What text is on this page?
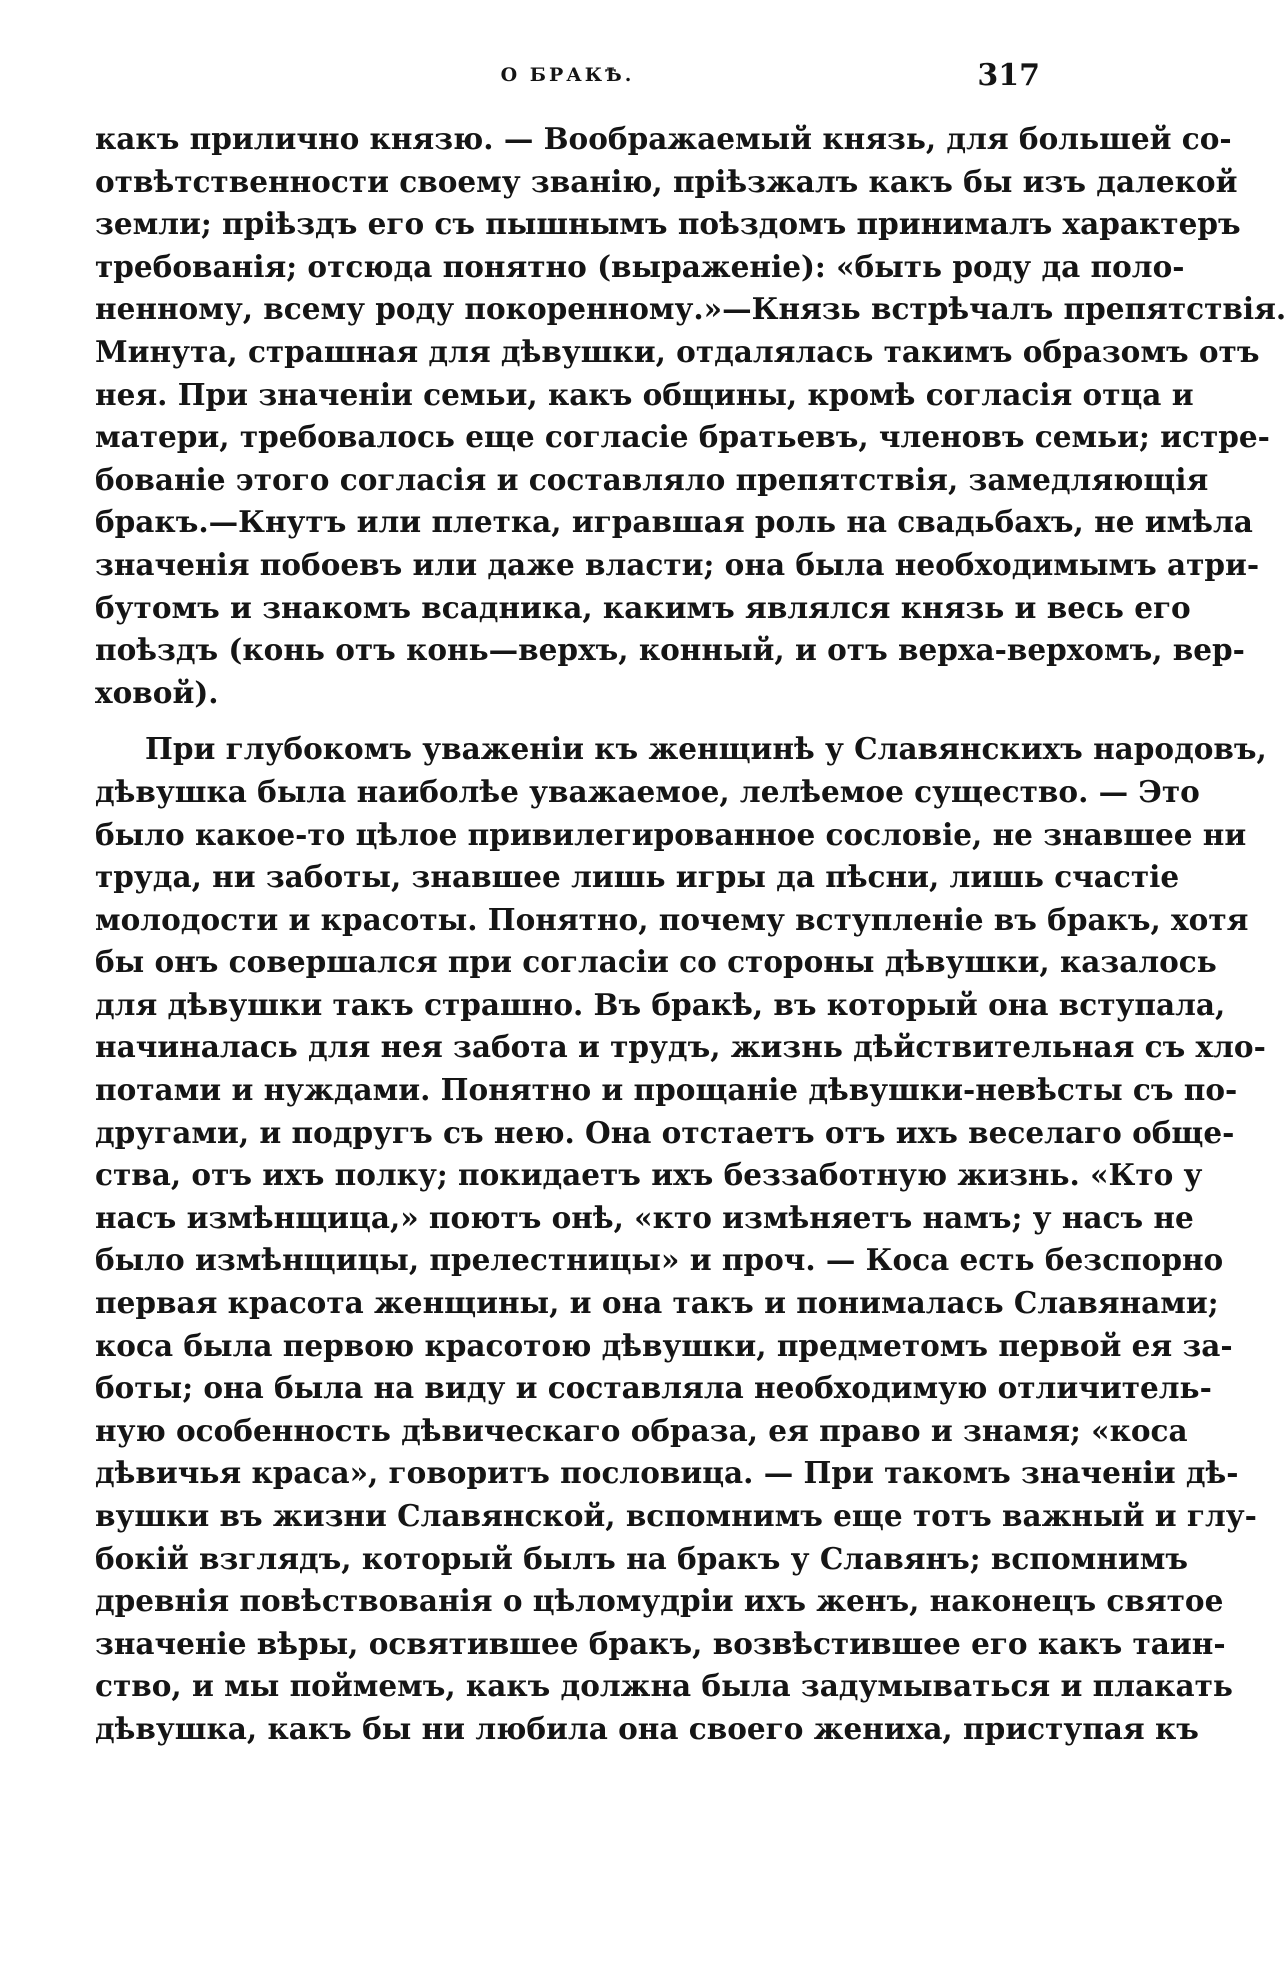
О БРАКѢ.	317
какъ прилично князю. — Воображаемый князь, для большей со-
отвѣтственности своему званію, пріѣзжалъ какъ бы изъ далекой
земли; пріѣздъ его съ пышнымъ поѣздомъ принималъ характеръ
требованія; отсюда понятно (выраженіе): «быть роду да поло-
ненному, всему роду покоренному.»—Князь встрѣчалъ препятствія.
Минута, страшная для дѣвушки, отдалялась такимъ образомъ отъ
нея. При значеніи семьи, какъ общины, кромѣ согласія отца и
матери, требовалось еще согласіе братьевъ, членовъ семьи; истре-
бованіе этого согласія и составляло препятствія, замедляющія
бракъ.—Кнутъ или плетка, игравшая роль на свадьбахъ, не имѣла
значенія побоевъ или даже власти; она была необходимымъ атри-
бутомъ и знакомъ всадника, какимъ являлся князь и весь его
поѣздъ (конь отъ конь—верхъ, конный, и отъ верха-верхомъ, вер-
ховой).
При глубокомъ уваженіи къ женщинѣ у Славянскихъ народовъ,
дѣвушка была наиболѣе уважаемое, лелѣемое существо. — Это
было какое-то цѣлое привилегированное сословіе, не знавшее ни
труда, ни заботы, знавшее лишь игры да пѣсни, лишь счастіе
молодости и красоты. Понятно, почему вступленіе въ бракъ, хотя
бы онъ совершался при согласіи со стороны дѣвушки, казалось
для дѣвушки такъ страшно. Въ бракѣ, въ который она вступала,
начиналась для нея забота и трудъ, жизнь дѣйствительная съ хло-
потами и нуждами. Понятно и прощаніе дѣвушки-невѣсты съ по-
другами, и подругъ съ нею. Она отстаетъ отъ ихъ веселаго обще-
ства, отъ ихъ полку; покидаетъ ихъ беззаботную жизнь. «Кто у
насъ измѣнщица,» поютъ онѣ, «кто измѣняетъ намъ; у насъ не
было измѣнщицы, прелестницы» и проч. — Коса есть безспорно
первая красота женщины, и она такъ и понималась Славянами;
коса была первою красотою дѣвушки, предметомъ первой ея за-
боты; она была на виду и составляла необходимую отличитель-
ную особенность дѣвическаго образа, ея право и знамя; «коса
дѣвичья краса», говоритъ пословица. — При такомъ значеніи дѣ-
вушки въ жизни Славянской, вспомнимъ еще тотъ важный и глу-
бокій взглядъ, который былъ на бракъ у Славянъ; вспомнимъ
древнія повѣствованія о цѣломудріи ихъ женъ, наконецъ святое
значеніе вѣры, освятившее бракъ, возвѣстившее его какъ таин-
ство, и мы поймемъ, какъ должна была задумываться и плакать
дѣвушка, какъ бы ни любила она своего жениха, приступая къ
